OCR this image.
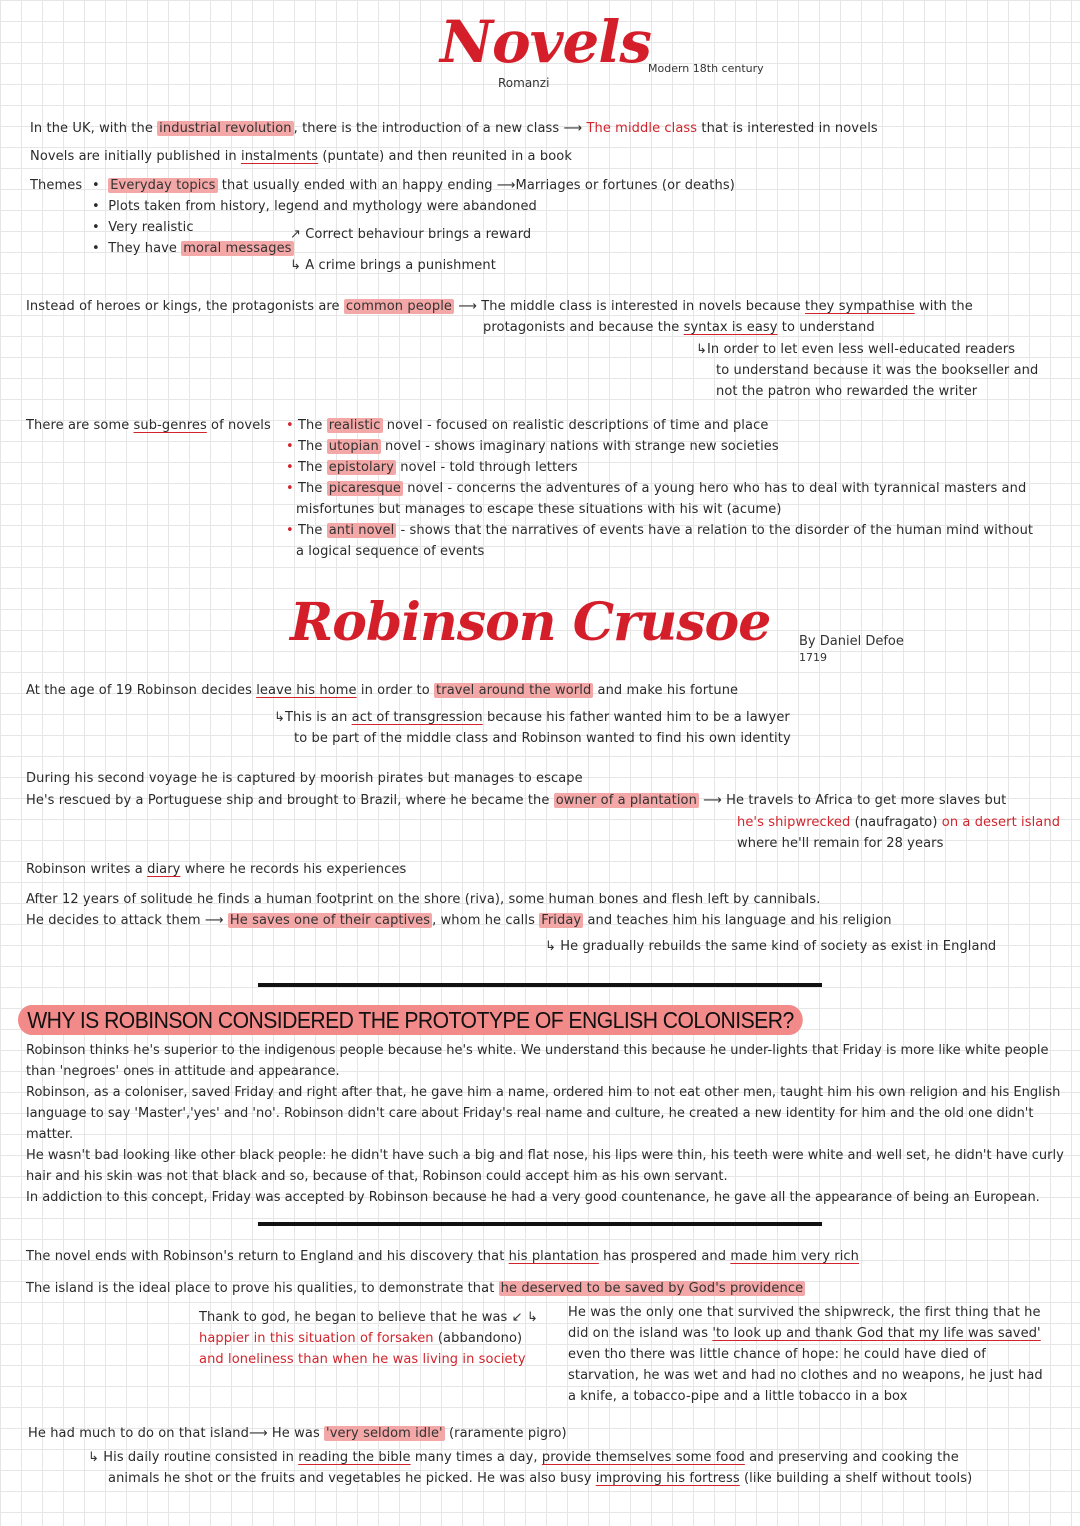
Novels
Romanzi
Modern 18th century
In the UK, with the industrial revolution , there is the introduction of a new class ⟶ The middle class that is interested in novels
Novels are initially published in instalments (puntate) and then reunited in a book
Themes •  Everyday topics that usually ended with an happy ending ⟶Marriages or fortunes (or deaths)
•  Plots taken from history, legend and mythology were abandoned
•  Very realistic
•  They have moral messages
↗ Correct behaviour brings a reward
↳ A crime brings a punishment
Instead of heroes or kings, the protagonists are common people ⟶ The middle class is interested in novels because they sympathise with the
protagonists and because the syntax is easy to understand
↳In order to let even less well-educated readers
to understand because it was the bookseller and
not the patron who rewarded the writer
There are some sub-genres of novels • The realistic novel - focused on realistic descriptions of time and place
• The utopian novel - shows imaginary nations with strange new societies
• The epistolary novel - told through letters
• The picaresque novel - concerns the adventures of a young hero who has to deal with tyrannical masters and
misfortunes but manages to escape these situations with his wit (acume)
• The anti novel - shows that the narratives of events have a relation to the disorder of the human mind without
a logical sequence of events
Robinson Crusoe By Daniel Defoe
1719
At the age of 19 Robinson decides leave his home in order to travel around the world and make his fortune
↳This is an act of transgression because his father wanted him to be a lawyer
to be part of the middle class and Robinson wanted to find his own identity
During his second voyage he is captured by moorish pirates but manages to escape
He's rescued by a Portuguese ship and brought to Brazil, where he became the owner of a plantation ⟶ He travels to Africa to get more slaves but
he's shipwrecked (naufragato) on a desert island
where he'll remain for 28 years
Robinson writes a diary where he records his experiences
After 12 years of solitude he finds a human footprint on the shore (riva), some human bones and flesh left by cannibals.
He decides to attack them ⟶ He saves one of their captives , whom he calls Friday and teaches him his language and his religion
↳ He gradually rebuilds the same kind of society as exist in England
WHY IS ROBINSON CONSIDERED THE PROTOTYPE OF ENGLISH COLONISER?
Robinson thinks he's superior to the indigenous people because he's white. We understand this because he under-lights that Friday is more like white people than 'negroes' ones in attitude and appearance.
Robinson, as a coloniser, saved Friday and right after that, he gave him a name, ordered him to not eat other men, taught him his own religion and his English language to say 'Master','yes' and 'no'. Robinson didn't care about Friday's real name and culture, he created a new identity for him and the old one didn't matter.
He wasn't bad looking like other black people: he didn't have such a big and flat nose, his lips were thin, his teeth were white and well set, he didn't have curly hair and his skin was not that black and so, because of that, Robinson could accept him as his own servant.
In addiction to this concept, Friday was accepted by Robinson because he had a very good countenance, he gave all the appearance of being an European.
The novel ends with Robinson's return to England and his discovery that his plantation has prospered and made him very rich
The island is the ideal place to prove his qualities, to demonstrate that he deserved to be saved by God's providence
Thank to god, he began to believe that he was ↙ ↳
happier in this situation of forsaken (abbandono)
and loneliness than when he was living in society
He was the only one that survived the shipwreck, the first thing that he
did on the island was 'to look up and thank God that my life was saved'
even tho there was little chance of hope: he could have died of
starvation, he was wet and had no clothes and no weapons, he just had
a knife, a tobacco-pipe and a little tobacco in a box
He had much to do on that island⟶ He was 'very seldom idle' (raramente pigro)
↳ His daily routine consisted in reading the bible many times a day, provide themselves some food and preserving and cooking the
animals he shot or the fruits and vegetables he picked. He was also busy improving his fortress (like building a shelf without tools)
